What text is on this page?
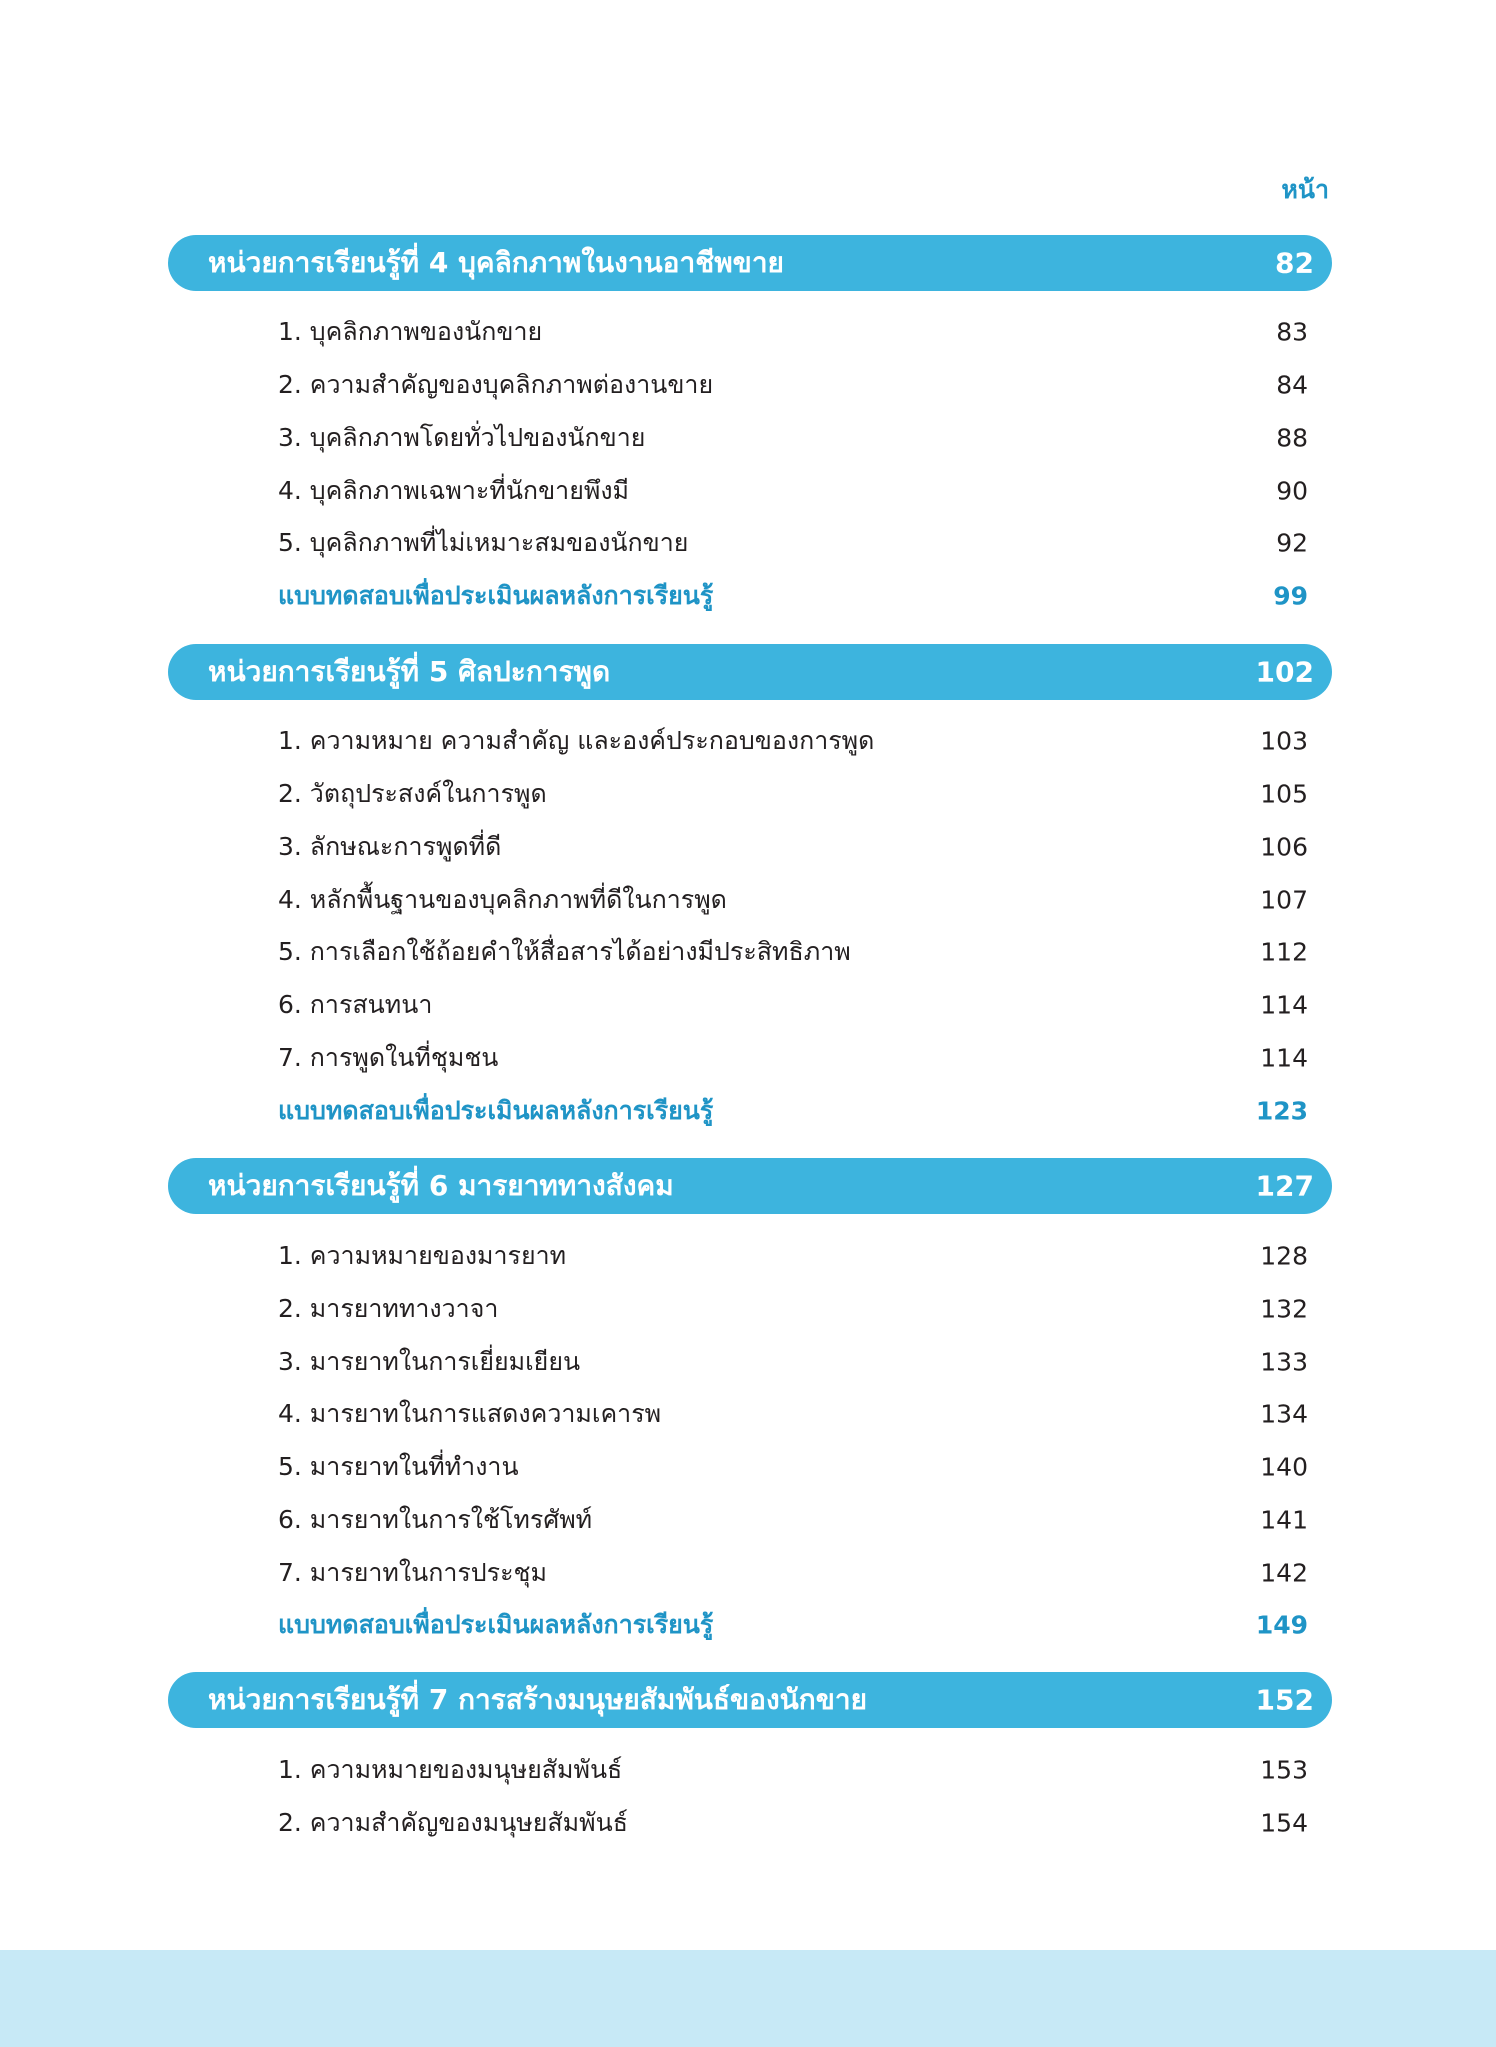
หน้า
หน่วยการเรียนรู้ที่ 4 บุคลิกภาพในงานอาชีพขาย	82
1. บุคลิกภาพของนักขาย	83
2. ความสำคัญของบุคลิกภาพต่องานขาย	84
3. บุคลิกภาพโดยทั่วไปของนักขาย	88
4. บุคลิกภาพเฉพาะที่นักขายพึงมี	90
5. บุคลิกภาพที่ไม่เหมาะสมของนักขาย	92
แบบทดสอบเพื่อประเมินผลหลังการเรียนรู้	99
หน่วยการเรียนรู้ที่ 5 ศิลปะการพูด	102
1. ความหมาย ความสำคัญ และองค์ประกอบของการพูด	103
2. วัตถุประสงค์ในการพูด	105
3. ลักษณะการพูดที่ดี	106
4. หลักพื้นฐานของบุคลิกภาพที่ดีในการพูด	107
5. การเลือกใช้ถ้อยคำให้สื่อสารได้อย่างมีประสิทธิภาพ	112
6. การสนทนา	114
7. การพูดในที่ชุมชน	114
แบบทดสอบเพื่อประเมินผลหลังการเรียนรู้	123
หน่วยการเรียนรู้ที่ 6 มารยาททางสังคม	127
1. ความหมายของมารยาท	128
2. มารยาททางวาจา	132
3. มารยาทในการเยี่ยมเยียน	133
4. มารยาทในการแสดงความเคารพ	134
5. มารยาทในที่ทำงาน	140
6. มารยาทในการใช้โทรศัพท์	141
7. มารยาทในการประชุม	142
แบบทดสอบเพื่อประเมินผลหลังการเรียนรู้	149
หน่วยการเรียนรู้ที่ 7 การสร้างมนุษยสัมพันธ์ของนักขาย	152
1. ความหมายของมนุษยสัมพันธ์	153
2. ความสำคัญของมนุษยสัมพันธ์	154
